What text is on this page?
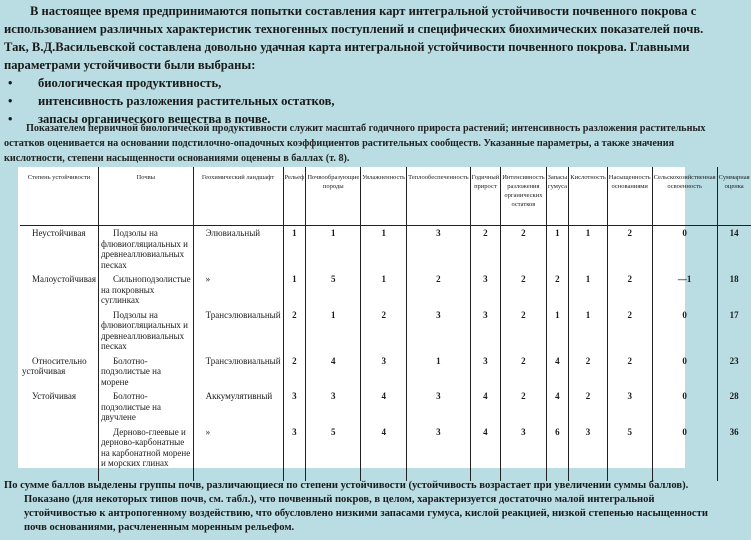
В настоящее время предпринимаются попытки составления карт интегральной устойчивости почвенного покрова с использованием различных характеристик техногенных поступлений и специфических биохимических показателей почв. Так, В.Д.Васильевской составлена довольно удачная карта интегральной устойчивости почвенного покрова. Главными параметрами устойчивости были выбраны:

•	биологическая продуктивность,
•	интенсивность разложения растительных остатков,
•	запасы органического вещества в почве.

Показателем первичной биологической продуктивности служит масштаб годичного прироста растений; интенсивность разложения растительных остатков оценивается на основании подстилочно-опадочных коэффициентов растительных сообществ. Указанные параметры, а также значения кислотности, степени насыщенности основаниями оценены в баллах (т. 8).

Степень устойчивости	Почвы	Геохимический ландшафт	Рельеф	Почвообразующие породы	Увлажненность	Теплообеспеченность	Годичный прирост	Интенсивность разложения органических остатков	Запасы гумуса	Кислотность	Насыщенность основаниями	Сельскохозяйственная освоенность	Суммарная оценка
Неустойчивая	Подзолы на флювиогляциальных и древнеаллювиальных песках	Элювиальный	1	1	1	3	2	2	1	1	2	0	14
Малоустойчивая	Сильноподзолистые на покровных суглинках	»	1	5	1	2	3	2	2	1	2	—1	18
	Подзолы на флювиогляциальных и древнеаллювиальных песках	Трансэлювиальный	2	1	2	3	3	2	1	1	2	0	17
Относительно устойчивая	Болотно-подзолистые на морене	Трансэлювиальный	2	4	3	1	3	2	4	2	2	0	23
Устойчивая	Болотно-подзолистые на двучлене	Аккумулятивный	3	3	4	3	4	2	4	2	3	0	28
	Дерново-глеевые и дерново-карбонатные на карбонатной морене и морских глинах	»	3	5	4	3	4	3	6	3	5	0	36

По сумме баллов выделены группы почв, различающиеся по степени устойчивости (устойчивость возрастает при увеличении суммы баллов). Показано (для некоторых типов почв, см. табл.), что почвенный покров, в целом, характеризуется достаточно малой интегральной устойчивостью к антропогенному воздействию, что обусловлено низкими запасами гумуса, кислой реакцией, низкой степенью насыщенности почв основаниями, расчлененным моренным рельефом.
